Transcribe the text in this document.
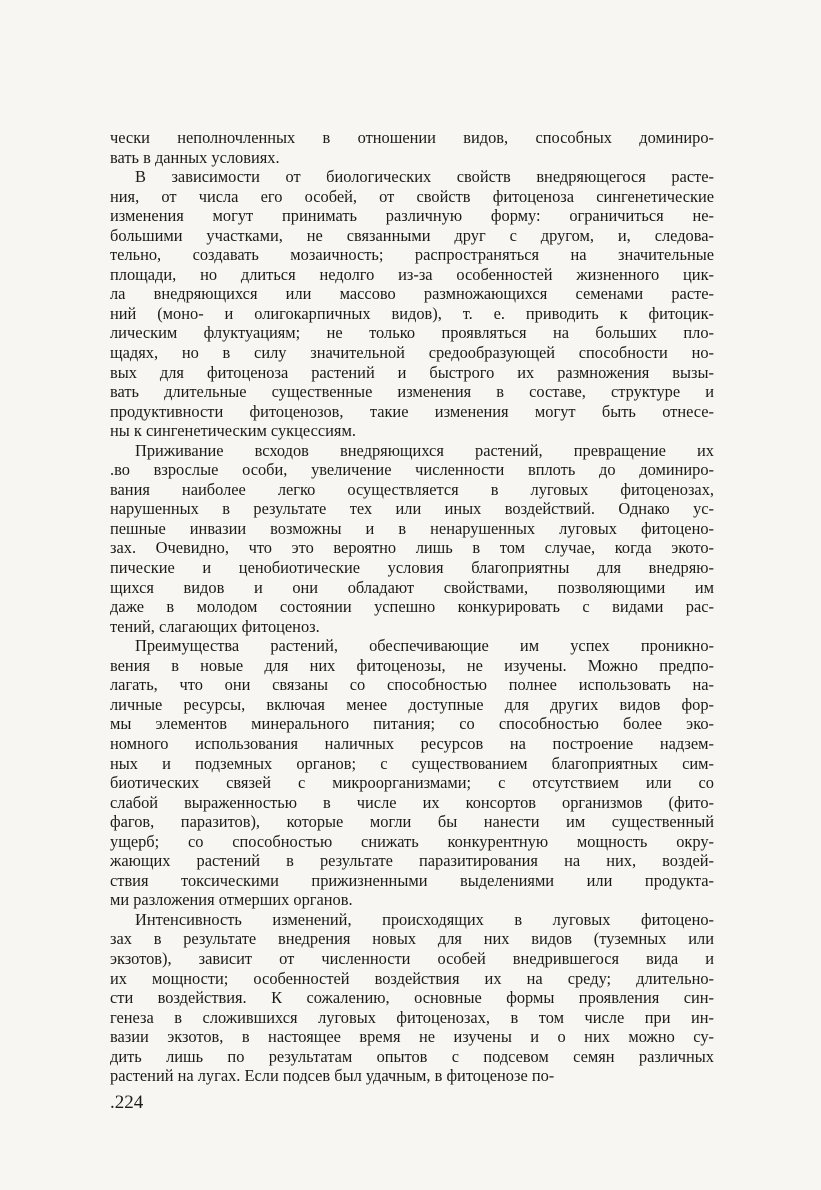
чески неполночленных в отношении видов, способных доминиро-
вать в данных условиях.
В зависимости от биологических свойств внедряющегося расте-
ния, от числа его особей, от свойств фитоценоза сингенетические
изменения могут принимать различную форму: ограничиться не-
большими участками, не связанными друг с другом, и, следова-
тельно, создавать мозаичность; распространяться на значительные
площади, но длиться недолго из-за особенностей жизненного цик-
ла внедряющихся или массово размножающихся семенами расте-
ний (моно- и олигокарпичных видов), т. е. приводить к фитоцик-
лическим флуктуациям; не только проявляться на больших пло-
щадях, но в силу значительной средообразующей способности но-
вых для фитоценоза растений и быстрого их размножения вызы-
вать длительные существенные изменения в составе, структуре и
продуктивности фитоценозов, такие изменения могут быть отнесе-
ны к сингенетическим сукцессиям.
Приживание всходов внедряющихся растений, превращение их
.во взрослые особи, увеличение численности вплоть до доминиро-
вания наиболее легко осуществляется в луговых фитоценозах,
нарушенных в результате тех или иных воздействий. Однако ус-
пешные инвазии возможны и в ненарушенных луговых фитоцено-
зах. Очевидно, что это вероятно лишь в том случае, когда экото-
пические и ценобиотические условия благоприятны для внедряю-
щихся видов и они обладают свойствами, позволяющими им
даже в молодом состоянии успешно конкурировать с видами рас-
тений, слагающих фитоценоз.
Преимущества растений, обеспечивающие им успех проникно-
вения в новые для них фитоценозы, не изучены. Можно предпо-
лагать, что они связаны со способностью полнее использовать на-
личные ресурсы, включая менее доступные для других видов фор-
мы элементов минерального питания; со способностью более эко-
номного использования наличных ресурсов на построение надзем-
ных и подземных органов; с существованием благоприятных сим-
биотических связей с микроорганизмами; с отсутствием или со
слабой выраженностью в числе их консортов организмов (фито-
фагов, паразитов), которые могли бы нанести им существенный
ущерб; со способностью снижать конкурентную мощность окру-
жающих растений в результате паразитирования на них, воздей-
ствия токсическими прижизненными выделениями или продукта-
ми разложения отмерших органов.
Интенсивность изменений, происходящих в луговых фитоцено-
зах в результате внедрения новых для них видов (туземных или
экзотов), зависит от численности особей внедрившегося вида и
их мощности; особенностей воздействия их на среду; длительно-
сти воздействия. К сожалению, основные формы проявления син-
генеза в сложившихся луговых фитоценозах, в том числе при ин-
вазии экзотов, в настоящее время не изучены и о них можно су-
дить лишь по результатам опытов с подсевом семян различных
растений на лугах. Если подсев был удачным, в фитоценозе по-
.224
